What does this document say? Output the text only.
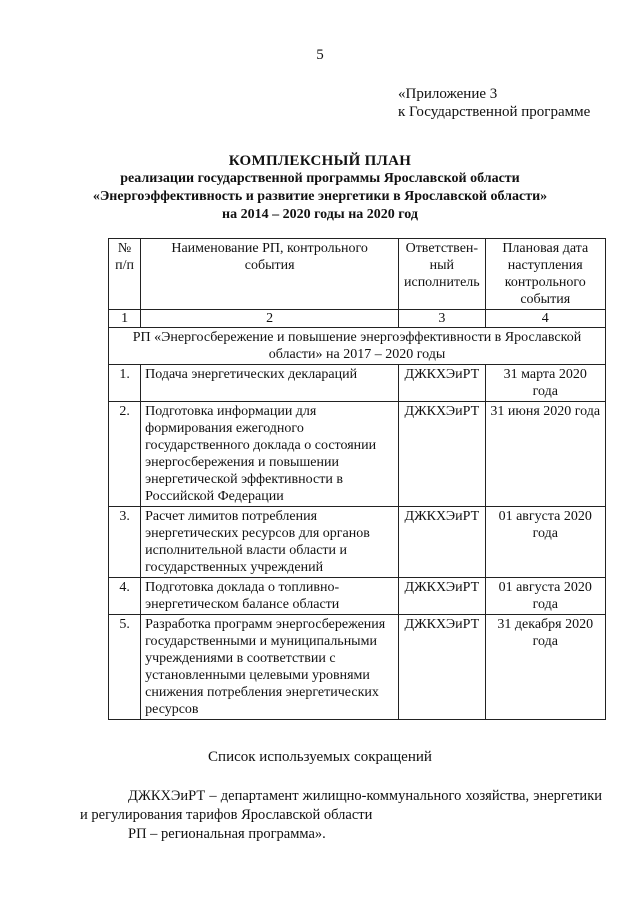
5
«Приложение 3
к Государственной программе
КОМПЛЕКСНЫЙ ПЛАН
реализации государственной программы Ярославской области
«Энергоэффективность и развитие энергетики в Ярославской области»
на 2014 – 2020 годы на 2020 год
№ п/п	Наименование РП, контрольного события	Ответствен-ный исполнитель	Плановая дата наступления контрольного события
1	2	3	4
РП «Энергосбережение и повышение энергоэффективности в Ярославской области» на 2017 – 2020 годы			
1.	Подача энергетических деклараций	ДЖКХЭиРТ	31 марта 2020 года
2.	Подготовка информации для формирования ежегодного государственного доклада о состоянии энергосбережения и повышении энергетической эффективности в Российской Федерации	ДЖКХЭиРТ	31 июня 2020 года
3.	Расчет лимитов потребления энергетических ресурсов для органов исполнительной власти области и государственных учреждений	ДЖКХЭиРТ	01 августа 2020 года
4.	Подготовка доклада о топливно-энергетическом балансе области	ДЖКХЭиРТ	01 августа 2020 года
5.	Разработка программ энергосбережения государственными и муниципальными учреждениями в соответствии с установленными целевыми уровнями снижения потребления энергетических ресурсов	ДЖКХЭиРТ	31 декабря 2020 года
Список используемых сокращений
ДЖКХЭиРТ – департамент жилищно-коммунального хозяйства, энергетики и регулирования тарифов Ярославской области
РП – региональная программа».
